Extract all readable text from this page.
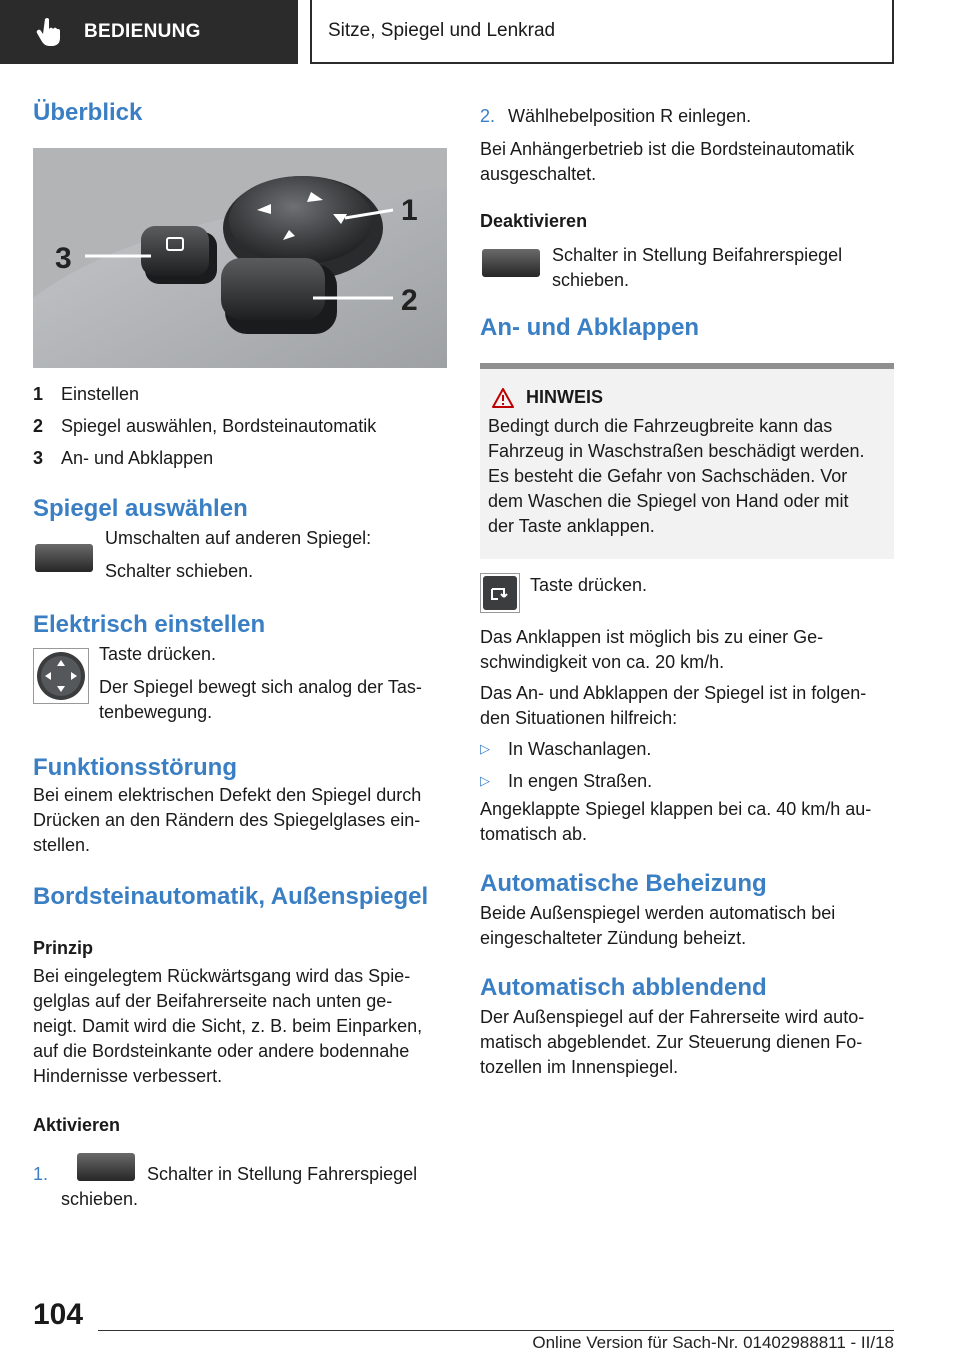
BEDIENUNG	Sitze, Spiegel und Lenkrad
Überblick
3
1
2
1 Einstellen
2 Spiegel auswählen, Bordsteinautomatik
3 An- und Abklappen
Spiegel auswählen

Umschalten auf anderen Spiegel:

Schalter schieben.

Elektrisch einstellen

Taste drücken.

Der Spiegel bewegt sich analog der Tas-

tenbewegung.

Funktionsstörung

Bei einem elektrischen Defekt den Spiegel durch

Drücken an den Rändern des Spiegelglases ein-

stellen.

Bordsteinautomatik, Außenspiegel
Prinzip

Bei eingelegtem Rückwärtsgang wird das Spie-

gelglas auf der Beifahrerseite nach unten ge-

neigt. Damit wird die Sicht, z. B. beim Einparken,

auf die Bordsteinkante oder andere bodennahe

Hindernisse verbessert.

Aktivieren
1.	Schalter in Stellung Fahrerspiegel

schieben.

2. Wählhebelposition R einlegen.

Bei Anhängerbetrieb ist die Bordsteinautomatik

ausgeschaltet.

Deaktivieren

Schalter in Stellung Beifahrerspiegel

schieben.

An- und Abklappen
HINWEIS

Bedingt durch die Fahrzeugbreite kann das

Fahrzeug in Waschstraßen beschädigt werden.

Es besteht die Gefahr von Sachschäden. Vor

dem Waschen die Spiegel von Hand oder mit

der Taste anklappen.

Taste drücken.

Das Anklappen ist möglich bis zu einer Ge-

schwindigkeit von ca. 20 km/h.

Das An- und Abklappen der Spiegel ist in folgen-

den Situationen hilfreich:

▷	In Waschanlagen.
▷	In engen Straßen.

Angeklappte Spiegel klappen bei ca. 40 km/h au-

tomatisch ab.

Automatische Beheizung

Beide Außenspiegel werden automatisch bei

eingeschalteter Zündung beheizt.

Automatisch abblendend

Der Außenspiegel auf der Fahrerseite wird auto-

matisch abgeblendet. Zur Steuerung dienen Fo-

tozellen im Innenspiegel.

104
Online Version für Sach-Nr. 01402988811 - II/18
